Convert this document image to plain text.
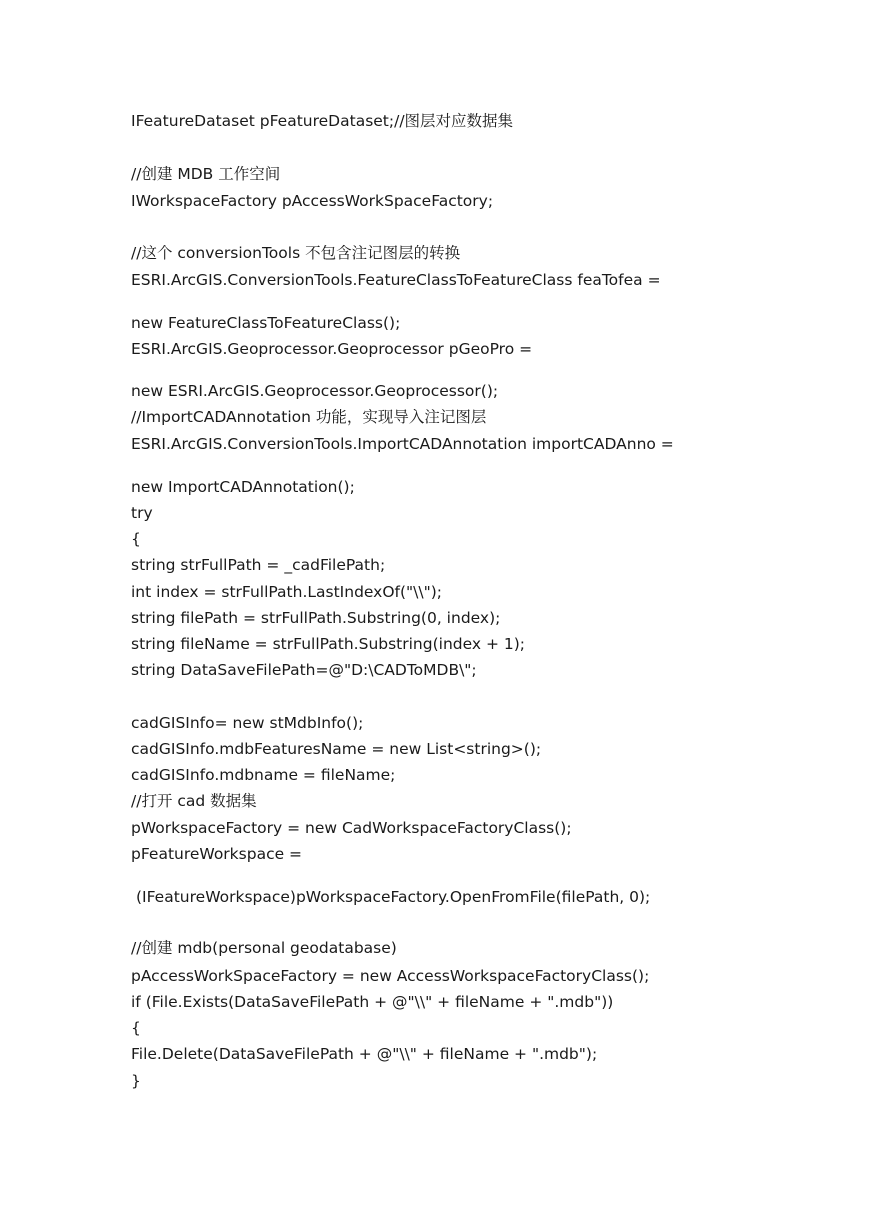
IFeatureDataset pFeatureDataset;//图层对应数据集

//创建 MDB 工作空间

IWorkspaceFactory pAccessWorkSpaceFactory;

//这个 conversionTools 不包含注记图层的转换

ESRI.ArcGIS.ConversionTools.FeatureClassToFeatureClass feaTofea =

new FeatureClassToFeatureClass();

ESRI.ArcGIS.Geoprocessor.Geoprocessor pGeoPro =

new ESRI.ArcGIS.Geoprocessor.Geoprocessor();

//ImportCADAnnotation 功能，实现导入注记图层

ESRI.ArcGIS.ConversionTools.ImportCADAnnotation importCADAnno =

new ImportCADAnnotation();

try

{

string strFullPath = _cadFilePath;

int index = strFullPath.LastIndexOf("\\");

string filePath = strFullPath.Substring(0, index);

string fileName = strFullPath.Substring(index + 1);

string DataSaveFilePath=@"D:\CADToMDB\";

cadGISInfo= new stMdbInfo();

cadGISInfo.mdbFeaturesName = new List<string>();

cadGISInfo.mdbname = fileName;

//打开 cad 数据集

pWorkspaceFactory = new CadWorkspaceFactoryClass();

pFeatureWorkspace =

(IFeatureWorkspace)pWorkspaceFactory.OpenFromFile(filePath, 0);

//创建 mdb(personal geodatabase)

pAccessWorkSpaceFactory = new AccessWorkspaceFactoryClass();

if (File.Exists(DataSaveFilePath + @"\\" + fileName + ".mdb"))

{

File.Delete(DataSaveFilePath + @"\\" + fileName + ".mdb");

}
